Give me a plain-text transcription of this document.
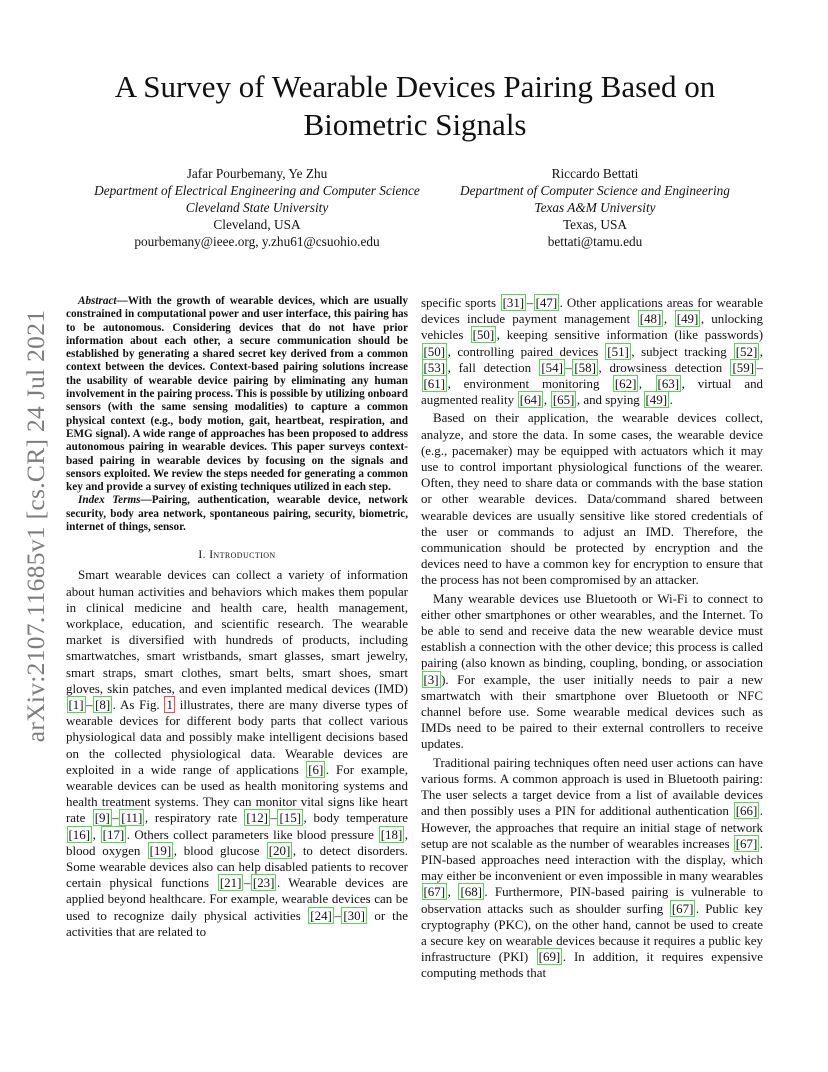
arXiv:2107.11685v1 [cs.CR] 24 Jul 2021
A Survey of Wearable Devices Pairing Based on Biometric Signals
Jafar Pourbemany, Ye Zhu
Department of Electrical Engineering and Computer Science
Cleveland State University
Cleveland, USA
pourbemany@ieee.org, y.zhu61@csuohio.edu
Riccardo Bettati
Department of Computer Science and Engineering
Texas A&M University
Texas, USA
bettati@tamu.edu

Abstract—With the growth of wearable devices, which are usually constrained in computational power and user interface, this pairing has to be autonomous. Considering devices that do not have prior information about each other, a secure communication should be established by generating a shared secret key derived from a common context between the devices. Context-based pairing solutions increase the usability of wearable device pairing by eliminating any human involvement in the pairing process. This is possible by utilizing onboard sensors (with the same sensing modalities) to capture a common physical context (e.g., body motion, gait, heartbeat, respiration, and EMG signal). A wide range of approaches has been proposed to address autonomous pairing in wearable devices. This paper surveys context-based pairing in wearable devices by focusing on the signals and sensors exploited. We review the steps needed for generating a common key and provide a survey of existing techniques utilized in each step.

Index Terms—Pairing, authentication, wearable device, network security, body area network, spontaneous pairing, security, biometric, internet of things, sensor.

I. Introduction

Smart wearable devices can collect a variety of information about human activities and behaviors which makes them popular in clinical medicine and health care, health management, workplace, education, and scientific research. The wearable market is diversified with hundreds of products, including smartwatches, smart wristbands, smart glasses, smart jewelry, smart straps, smart clothes, smart belts, smart shoes, smart gloves, skin patches, and even implanted medical devices (IMD) [1] – [8] . As Fig. 1 illustrates, there are many diverse types of wearable devices for different body parts that collect various physiological data and possibly make intelligent decisions based on the collected physiological data. Wearable devices are exploited in a wide range of applications [6] . For example, wearable devices can be used as health monitoring systems and health treatment systems. They can monitor vital signs like heart rate [9] – [11] , respiratory rate [12] – [15] , body temperature [16] , [17] . Others collect parameters like blood pressure [18] , blood oxygen [19] , blood glucose [20] , to detect disorders. Some wearable devices also can help disabled patients to recover certain physical functions [21] – [23] . Wearable devices are applied beyond healthcare. For example, wearable devices can be used to recognize daily physical activities [24] – [30] or the activities that are related to

specific sports [31] – [47] . Other applications areas for wearable devices include payment management [48] , [49] , unlocking vehicles [50] , keeping sensitive information (like passwords) [50] , controlling paired devices [51] , subject tracking [52] , [53] , fall detection [54] – [58] , drowsiness detection [59] –[61] , environment monitoring [62] , [63] , virtual and augmented reality [64] , [65] , and spying [49] .

Based on their application, the wearable devices collect, analyze, and store the data. In some cases, the wearable device (e.g., pacemaker) may be equipped with actuators which it may use to control important physiological functions of the wearer. Often, they need to share data or commands with the base station or other wearable devices. Data/command shared between wearable devices are usually sensitive like stored credentials of the user or commands to adjust an IMD. Therefore, the communication should be protected by encryption and the devices need to have a common key for encryption to ensure that the process has not been compromised by an attacker.

Many wearable devices use Bluetooth or Wi-Fi to connect to either other smartphones or other wearables, and the Internet. To be able to send and receive data the new wearable device must establish a connection with the other device; this process is called pairing (also known as binding, coupling, bonding, or association [3] ). For example, the user initially needs to pair a new smartwatch with their smartphone over Bluetooth or NFC channel before use. Some wearable medical devices such as IMDs need to be paired to their external controllers to receive updates.

Traditional pairing techniques often need user actions can have various forms. A common approach is used in Bluetooth pairing: The user selects a target device from a list of available devices and then possibly uses a PIN for additional authentication [66] . However, the approaches that require an initial stage of network setup are not scalable as the number of wearables increases [67] . PIN-based approaches need interaction with the display, which may either be inconvenient or even impossible in many wearables [67] , [68] . Furthermore, PIN-based pairing is vulnerable to observation attacks such as shoulder surfing [67] . Public key cryptography (PKC), on the other hand, cannot be used to create a secure key on wearable devices because it requires a public key infrastructure (PKI) [69] . In addition, it requires expensive computing methods that
